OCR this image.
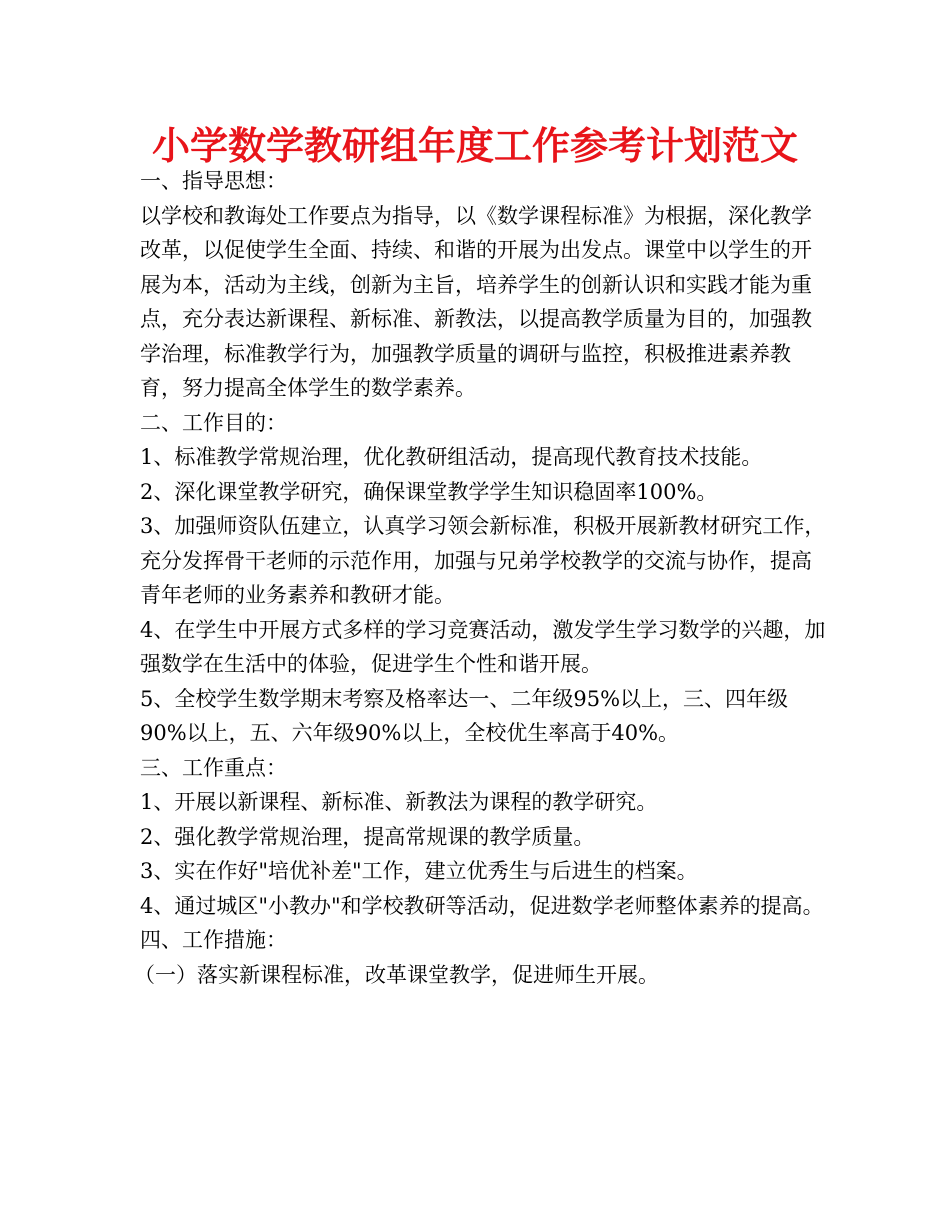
小学数学教研组年度工作参考计划范文

一、指导思想：

以学校和教诲处工作要点为指导，以《数学课程标准》为根据，深化教学改革，以促使学生全面、持续、和谐的开展为出发点。课堂中以学生的开展为本，活动为主线，创新为主旨，培养学生的创新认识和实践才能为重点，充分表达新课程、新标准、新教法，以提高教学质量为目的，加强教学治理，标准教学行为，加强教学质量的调研与监控，积极推进素养教育，努力提高全体学生的数学素养。

二、工作目的：

1、标准教学常规治理，优化教研组活动，提高现代教育技术技能。

2、深化课堂教学研究，确保课堂教学学生知识稳固率100%。

3、加强师资队伍建立，认真学习领会新标准，积极开展新教材研究工作，充分发挥骨干老师的示范作用，加强与兄弟学校教学的交流与协作，提高青年老师的业务素养和教研才能。

4、在学生中开展方式多样的学习竞赛活动，激发学生学习数学的兴趣，加强数学在生活中的体验，促进学生个性和谐开展。

5、全校学生数学期末考察及格率达一、二年级95%以上，三、四年级90%以上，五、六年级90%以上，全校优生率高于40%。

三、工作重点：

1、开展以新课程、新标准、新教法为课程的教学研究。

2、强化教学常规治理，提高常规课的教学质量。

3、实在作好"培优补差"工作，建立优秀生与后进生的档案。

4、通过城区"小教办"和学校教研等活动，促进数学老师整体素养的提高。

四、工作措施：

（一）落实新课程标准，改革课堂教学，促进师生开展。
